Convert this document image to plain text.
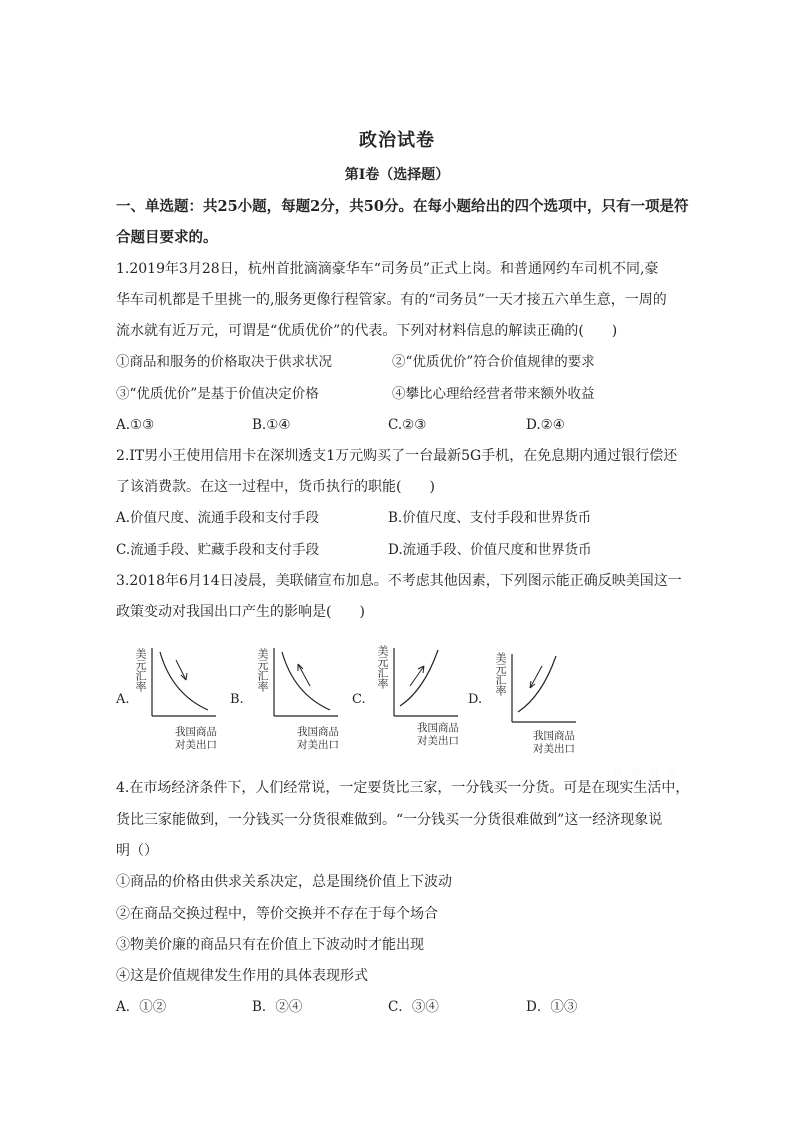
政治试卷
第Ⅰ卷（选择题）
一、单选题：共25小题，每题2分，共50分。在每小题给出的四个选项中，只有一项是符
合题目要求的。
1.2019年3月28日，杭州首批滴滴豪华车“司务员”正式上岗。和普通网约车司机不同,豪
华车司机都是千里挑一的,服务更像行程管家。有的“司务员”一天才接五六单生意，一周的
流水就有近万元，可谓是“优质优价”的代表。下列对材料信息的解读正确的(　　)
①商品和服务的价格取决于供求状况	②“优质优价”符合价值规律的要求
③“优质优价”是基于价值决定价格	④攀比心理给经营者带来额外收益
A.①③	B.①④	C.②③	D.②④
2.IT男小王使用信用卡在深圳透支1万元购买了一台最新5G手机，在免息期内通过银行偿还
了该消费款。在这一过程中，货币执行的职能(　　)
A.价值尺度、流通手段和支付手段	B.价值尺度、支付手段和世界货币
C.流通手段、贮藏手段和支付手段	D.流通手段、价值尺度和世界货币
3.2018年6月14日凌晨，美联储宣布加息。不考虑其他因素，下列图示能正确反映美国这一
政策变动对我国出口产生的影响是(　　)
A.
美元汇率
我国商品
对美出口
B.
美元汇率
我国商品
对美出口
C.
美元汇率
我国商品
对美出口
D.
美元汇率
我国商品
对美出口
◦ ◦ ◦ ◦
4.在市场经济条件下，人们经常说，一定要货比三家，一分钱买一分货。可是在现实生活中，
货比三家能做到，一分钱买一分货很难做到。“一分钱买一分货很难做到”这一经济现象说
明（）
①商品的价格由供求关系决定，总是围绕价值上下波动
②在商品交换过程中，等价交换并不存在于每个场合
③物美价廉的商品只有在价值上下波动时才能出现
④这是价值规律发生作用的具体表现形式
A．①②	B．②④	C．③④	D．①③
